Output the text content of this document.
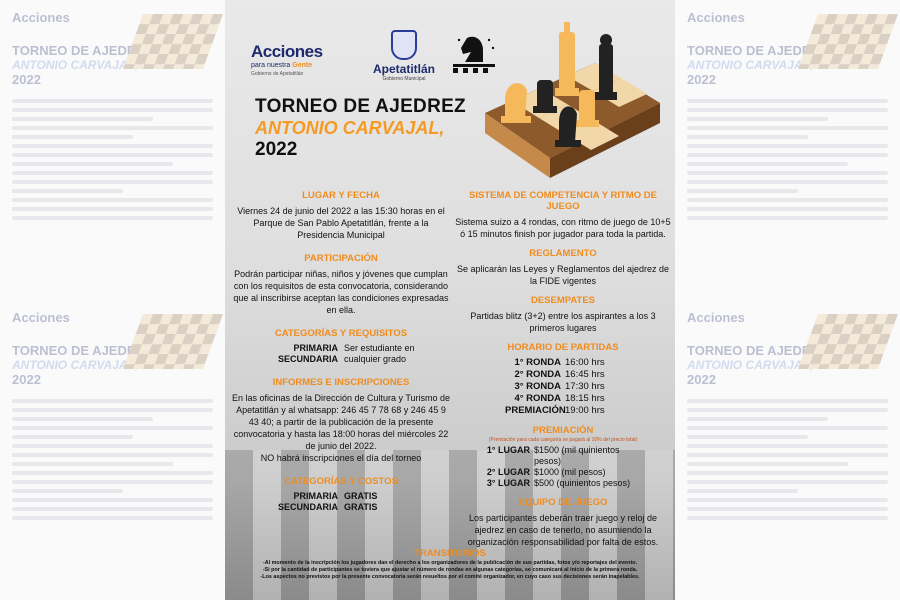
Acciones
TORNEO DE AJEDREZ
ANTONIO CARVAJAL,
2022
Acciones
TORNEO DE AJEDREZ
ANTONIO CARVAJAL,
2022
Acciones
TORNEO DE AJEDREZ
ANTONIO CARVAJAL,
2022
Acciones
TORNEO DE AJEDREZ
ANTONIO CARVAJAL,
2022
Acciones
para nuestra Gente
Gobierno de Apetatitlán	Apetatitlán
Gobierno Municipal
TORNEO DE AJEDREZ
ANTONIO CARVAJAL,
2022
LUGAR Y FECHA
Viernes 24 de junio del 2022 a las 15:30 horas en el Parque de San Pablo Apetatitlán, frente a la Presidencia Municipal
PARTICIPACIÓN
Podrán participar niñas, niños y jóvenes que cumplan con los requisitos de esta convocatoria, considerando que al inscribirse aceptan las condiciones expresadas en ella.
CATEGORÍAS Y REQUISITOS
PRIMARIA
SECUNDARIA
Ser estudiante en cualquier grado
INFORMES E INSCRIPCIONES
En las oficinas de la Dirección de Cultura y Turismo de Apetatitlán y al whatsapp: 246 45 7 78 68 y 246 45 9 43 40; a partir de la publicación de la presente convocatoria y hasta las 18:00 horas del miércoles 22 de junio del 2022.
NO habrá inscripciones el día del torneo
CATEGORÍAS Y COSTOS
PRIMARIA GRATIS
SECUNDARIA GRATIS
SISTEMA DE COMPETENCIA Y RITMO DE JUEGO
Sistema suizo a 4 rondas, con ritmo de juego de 10+5 ó 15 minutos finish por jugador para toda la partida.
REGLAMENTO
Se aplicarán las Leyes y Reglamentos del ajedrez de la FIDE vigentes
DESEMPATES
Partidas blitz (3+2) entre los aspirantes a los 3 primeros lugares
HORARIO DE PARTIDAS
1° RONDA 16:00 hrs
2° RONDA 16:45 hrs
3° RONDA 17:30 hrs
4° RONDA 18:15 hrs
PREMIACIÓN 19:00 hrs
PREMIACIÓN
(Premiación para cada categoría se pagará al 10% del precio total)
1° LUGAR $1500 (mil quinientos pesos)
2° LUGAR $1000 (mil pesos)
3° LUGAR $500 (quinientos pesos)
EQUIPO DE JUEGO
Los participantes deberán traer juego y reloj de ajedrez en caso de tenerlo, no asumiendo la organización responsabilidad por falta de estos.
TRANSITORIOS
-Al momento de la inscripción los jugadores dan el derecho a los organizadores de la publicación de sus partidas, fotos y/o reportajes del evento.
-Si por la cantidad de participantes se tuviera que ajustar el número de rondas en algunas categorías, se comunicará al inicio de la primera ronda.
-Los aspectos no previstos por la presente convocatoria serán resueltos por el comité organizador, en cuyo caso sus decisiones serán inapelables.
